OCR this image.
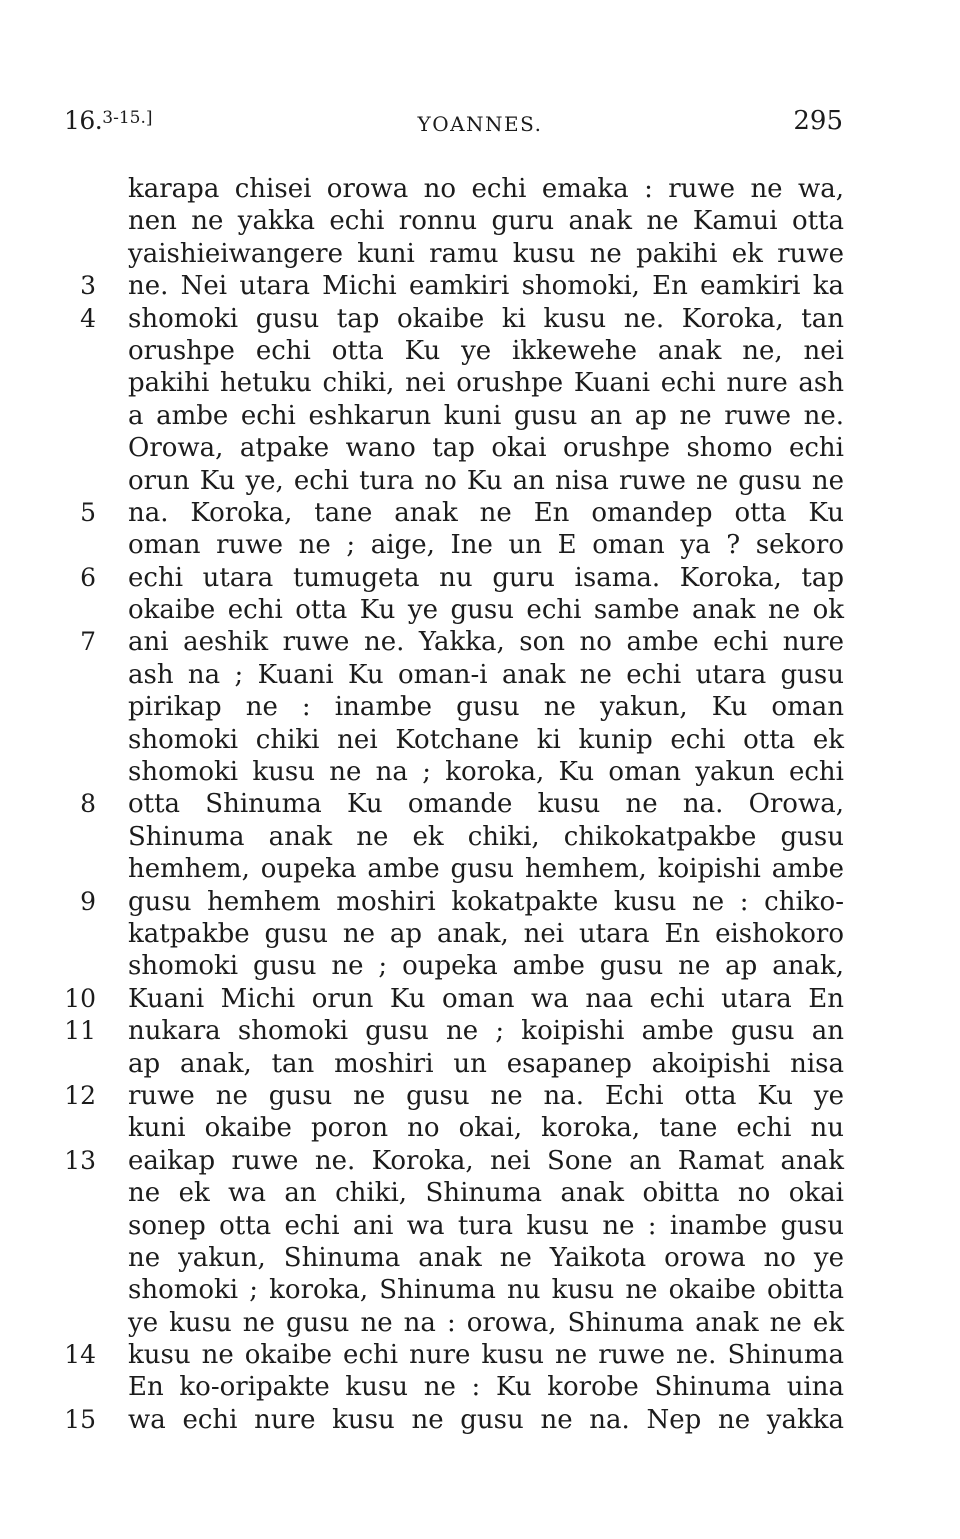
16.$^{3-15.]}$	YOANNES.	295
karapa chisei orowa no echi emaka : ruwe ne wa,
nen ne yakka echi ronnu guru anak ne Kamui otta
yaishieiwangere kuni ramu kusu ne pakihi ek ruwe
3 ne. Nei utara Michi eamkiri shomoki, En eamkiri ka
4 shomoki gusu tap okaibe ki kusu ne. Koroka, tan
orushpe echi otta Ku ye ikkewehe anak ne, nei
pakihi hetuku chiki, nei orushpe Kuani echi nure ash
a ambe echi eshkarun kuni gusu an ap ne ruwe ne.
Orowa, atpake wano tap okai orushpe shomo echi
orun Ku ye, echi tura no Ku an nisa ruwe ne gusu ne
5 na. Koroka, tane anak ne En omandep otta Ku
oman ruwe ne ; aige, Ine un E oman ya ? sekoro
6 echi utara tumugeta nu guru isama. Koroka, tap
okaibe echi otta Ku ye gusu echi sambe anak ne ok
7 ani aeshik ruwe ne. Yakka, son no ambe echi nure
ash na ; Kuani Ku oman-i anak ne echi utara gusu
pirikap ne : inambe gusu ne yakun, Ku oman
shomoki chiki nei Kotchane ki kunip echi otta ek
shomoki kusu ne na ; koroka, Ku oman yakun echi
8 otta Shinuma Ku omande kusu ne na. Orowa,
Shinuma anak ne ek chiki, chikokatpakbe gusu
hemhem, oupeka ambe gusu hemhem, koipishi ambe
9 gusu hemhem moshiri kokatpakte kusu ne : chiko-
katpakbe gusu ne ap anak, nei utara En eishokoro
shomoki gusu ne ; oupeka ambe gusu ne ap anak,
10 Kuani Michi orun Ku oman wa naa echi utara En
11 nukara shomoki gusu ne ; koipishi ambe gusu an
ap anak, tan moshiri un esapanep akoipishi nisa
12 ruwe ne gusu ne gusu ne na. Echi otta Ku ye
kuni okaibe poron no okai, koroka, tane echi nu
13 eaikap ruwe ne. Koroka, nei Sone an Ramat anak
ne ek wa an chiki, Shinuma anak obitta no okai
sonep otta echi ani wa tura kusu ne : inambe gusu
ne yakun, Shinuma anak ne Yaikota orowa no ye
shomoki ; koroka, Shinuma nu kusu ne okaibe obitta
ye kusu ne gusu ne na : orowa, Shinuma anak ne ek
14 kusu ne okaibe echi nure kusu ne ruwe ne. Shinuma
En ko-oripakte kusu ne : Ku korobe Shinuma uina
15 wa echi nure kusu ne gusu ne na. Nep ne yakka
